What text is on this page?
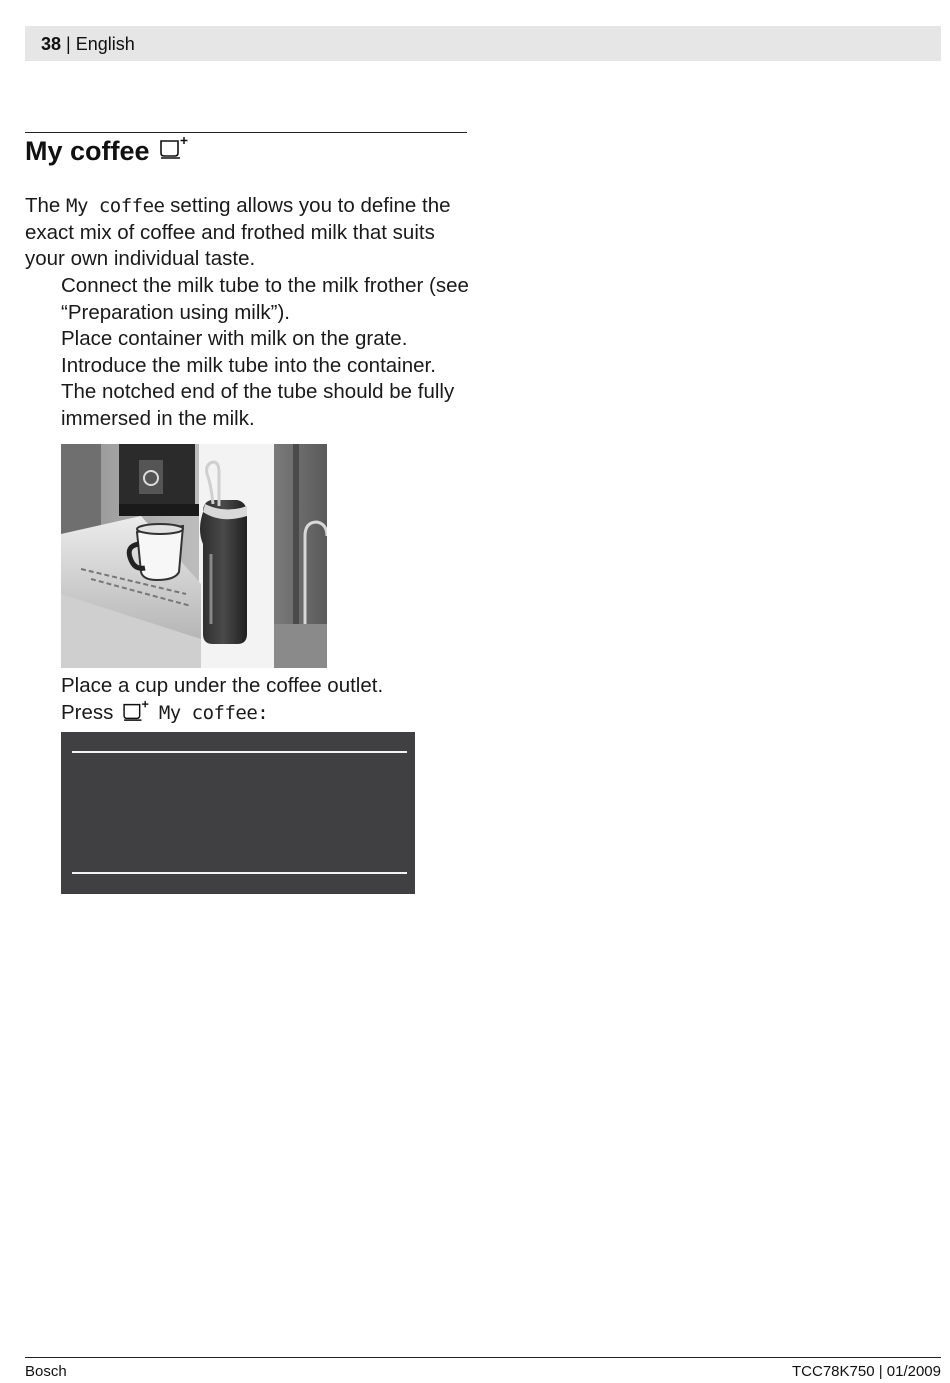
38 | English
My coffee

The My coffee setting allows you to define the exact mix of coffee and frothed milk that suits your own individual taste.

Connect the milk tube to the milk frother (see “Preparation using milk”).
Place container with milk on the grate.
Introduce the milk tube into the container. The notched end of the tube should be fully immersed in the milk.
Place a cup under the coffee outlet.
Press  My coffee:
Bosch	TCC78K750 | 01/2009
